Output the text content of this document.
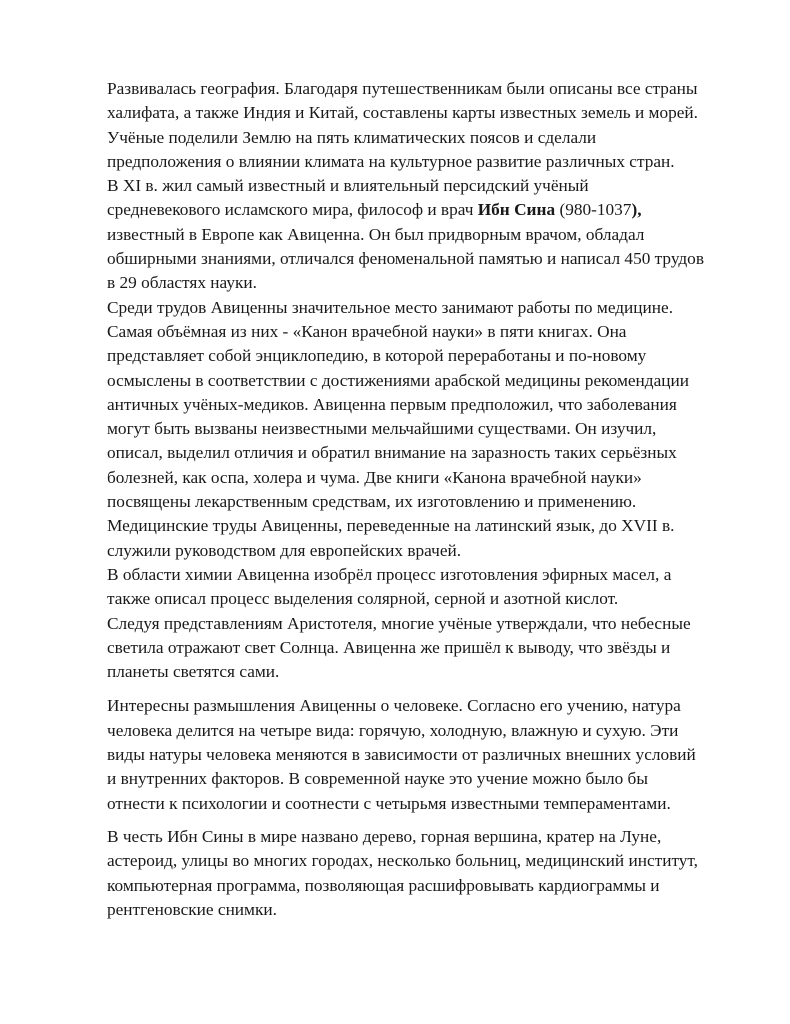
Развивалась география. Благодаря путешественникам были описаны все страны
халифата, а также Индия и Китай, составлены карты известных земель и морей.
Учёные поделили Землю на пять климатических поясов и сделали
предположения о влиянии климата на культурное развитие различных стран.
В XI в. жил самый известный и влиятельный персидский учёный
средневекового исламского мира, философ и врач Ибн Сина (980-1037),
известный в Европе как Авиценна. Он был придворным врачом, обладал
обширными знаниями, отличался феноменальной памятью и написал 450 трудов
в 29 областях науки.
Среди трудов Авиценны значительное место занимают работы по медицине.
Самая объёмная из них - «Канон врачебной науки» в пяти книгах. Она
представляет собой энциклопедию, в которой переработаны и по-новому
осмыслены в соответствии с достижениями арабской медицины рекомендации
античных учёных-медиков. Авиценна первым предположил, что заболевания
могут быть вызваны неизвестными мельчайшими существами. Он изучил,
описал, выделил отличия и обратил внимание на заразность таких серьёзных
болезней, как оспа, холера и чума. Две книги «Канона врачебной науки»
посвящены лекарственным средствам, их изготовлению и применению.
Медицинские труды Авиценны, переведенные на латинский язык, до XVII в.
служили руководством для европейских врачей.
В области химии Авиценна изобрёл процесс изготовления эфирных масел, а
также описал процесс выделения солярной, серной и азотной кислот.
Следуя представлениям Аристотеля, многие учёные утверждали, что небесные
светила отражают свет Солнца. Авиценна же пришёл к выводу, что звёзды и
планеты светятся сами.
Интересны размышления Авиценны о человеке. Согласно его учению, натура
человека делится на четыре вида: горячую, холодную, влажную и сухую. Эти
виды натуры человека меняются в зависимости от различных внешних условий
и внутренних факторов. В современной науке это учение можно было бы
отнести к психологии и соотнести с четырьмя известными темпераментами.
В честь Ибн Сины в мире названо дерево, горная вершина, кратер на Луне,
астероид, улицы во многих городах, несколько больниц, медицинский институт,
компьютерная программа, позволяющая расшифровывать кардиограммы и
рентгеновские снимки.
